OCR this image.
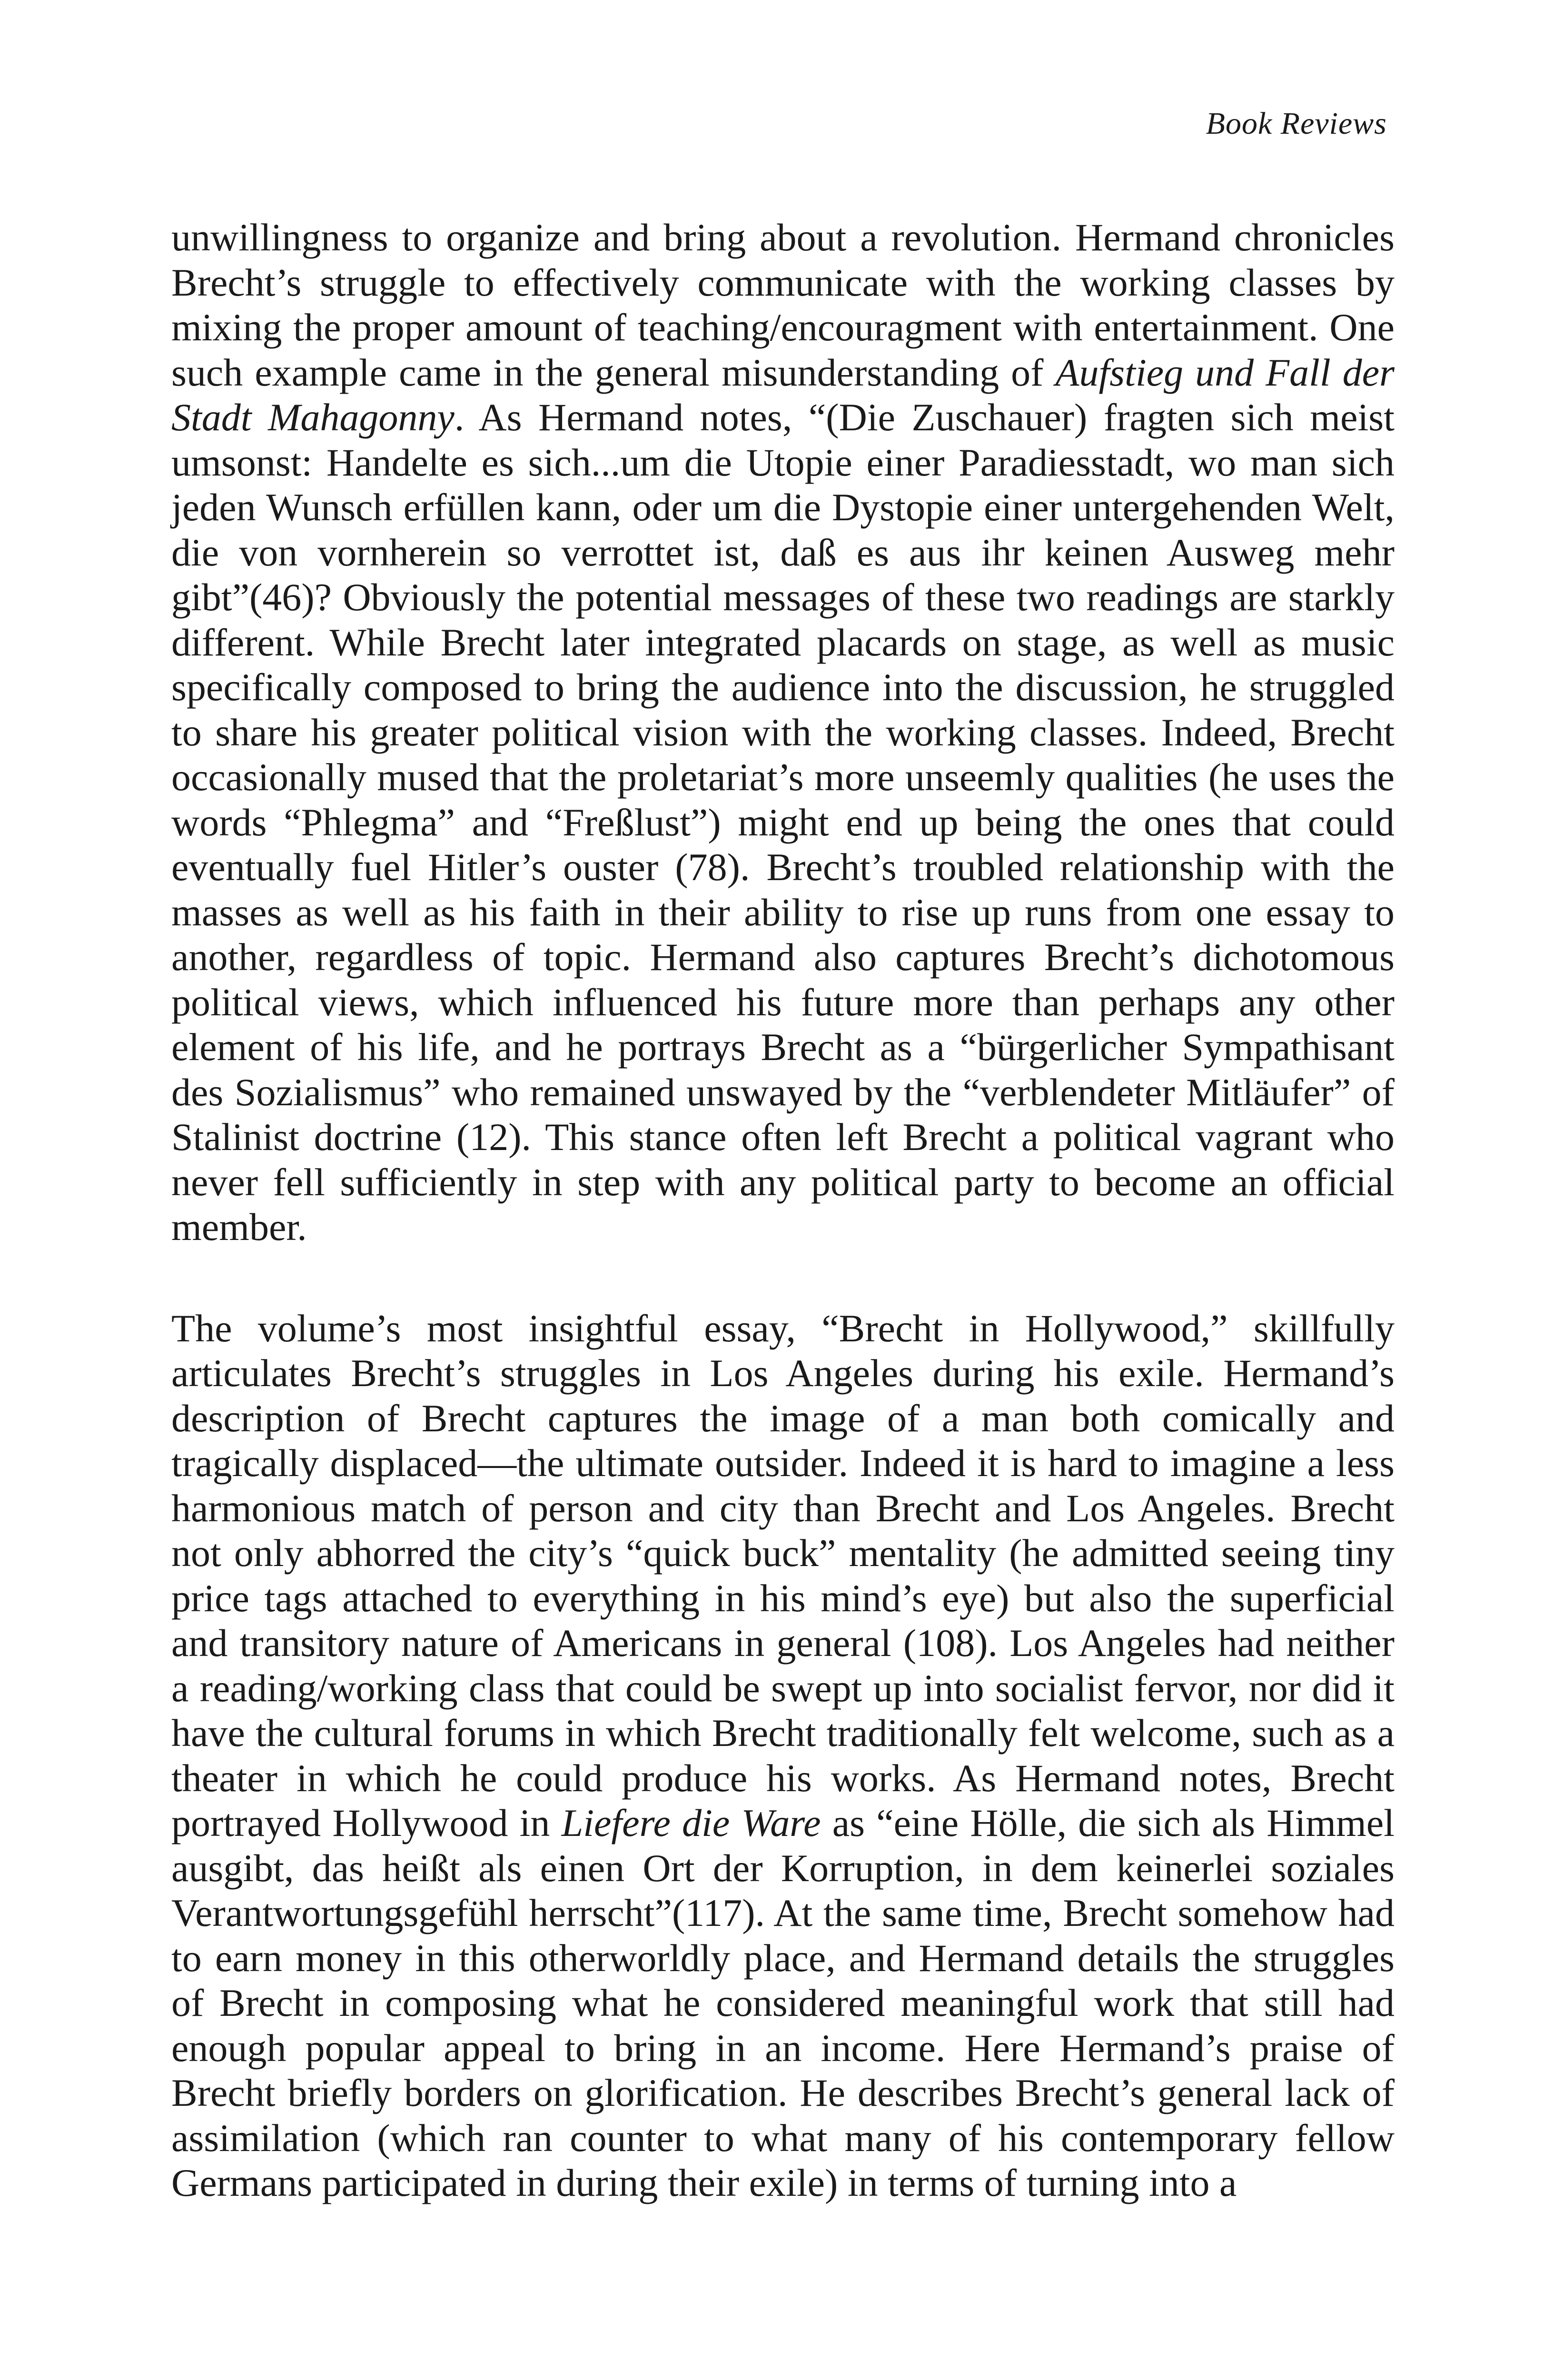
Book Reviews

unwillingness to organize and bring about a revolution. Hermand chronicles Brecht’s struggle to effectively communicate with the working classes by mixing the proper amount of teaching/encouragment with entertainment. One such example came in the general misunderstanding of Aufstieg und Fall der Stadt Mahagonny. As Hermand notes, “(Die Zuschauer) fragten sich meist umsonst: Handelte es sich...um die Utopie einer Paradiesstadt, wo man sich jeden Wunsch erfüllen kann, oder um die Dystopie einer untergehenden Welt, die von vornherein so verrottet ist, daß es aus ihr keinen Ausweg mehr gibt”(46)? Obviously the potential messages of these two readings are starkly different. While Brecht later integrated placards on stage, as well as music specifically composed to bring the audience into the discussion, he struggled to share his greater political vision with the working classes. Indeed, Brecht occasionally mused that the proletariat’s more unseemly qualities (he uses the words “Phlegma” and “Freßlust”) might end up being the ones that could eventually fuel Hitler’s ouster (78). Brecht’s troubled relationship with the masses as well as his faith in their ability to rise up runs from one essay to another, regardless of topic. Hermand also captures Brecht’s dichotomous political views, which influenced his future more than perhaps any other element of his life, and he portrays Brecht as a “bürgerlicher Sympathisant des Sozialismus” who remained unswayed by the “verblendeter Mitläufer” of Stalinist doctrine (12). This stance often left Brecht a political vagrant who never fell sufficiently in step with any political party to become an official member.

The volume’s most insightful essay, “Brecht in Hollywood,” skillfully articulates Brecht’s struggles in Los Angeles during his exile. Hermand’s description of Brecht captures the image of a man both comically and tragically displaced—the ultimate outsider. Indeed it is hard to imagine a less harmonious match of person and city than Brecht and Los Angeles. Brecht not only abhorred the city’s “quick buck” mentality (he admitted seeing tiny price tags attached to everything in his mind’s eye) but also the superficial and transitory nature of Americans in general (108). Los Angeles had neither a reading/working class that could be swept up into socialist fervor, nor did it have the cultural forums in which Brecht traditionally felt welcome, such as a theater in which he could produce his works. As Hermand notes, Brecht portrayed Hollywood in Liefere die Ware as “eine Hölle, die sich als Himmel ausgibt, das heißt als einen Ort der Korruption, in dem keinerlei soziales Verantwortungsgefühl herrscht”(117). At the same time, Brecht somehow had to earn money in this otherworldly place, and Hermand details the struggles of Brecht in composing what he considered meaningful work that still had enough popular appeal to bring in an income. Here Hermand’s praise of Brecht briefly borders on glorification. He describes Brecht’s general lack of assimilation (which ran counter to what many of his contemporary fellow Germans participated in during their exile) in terms of turning into a
